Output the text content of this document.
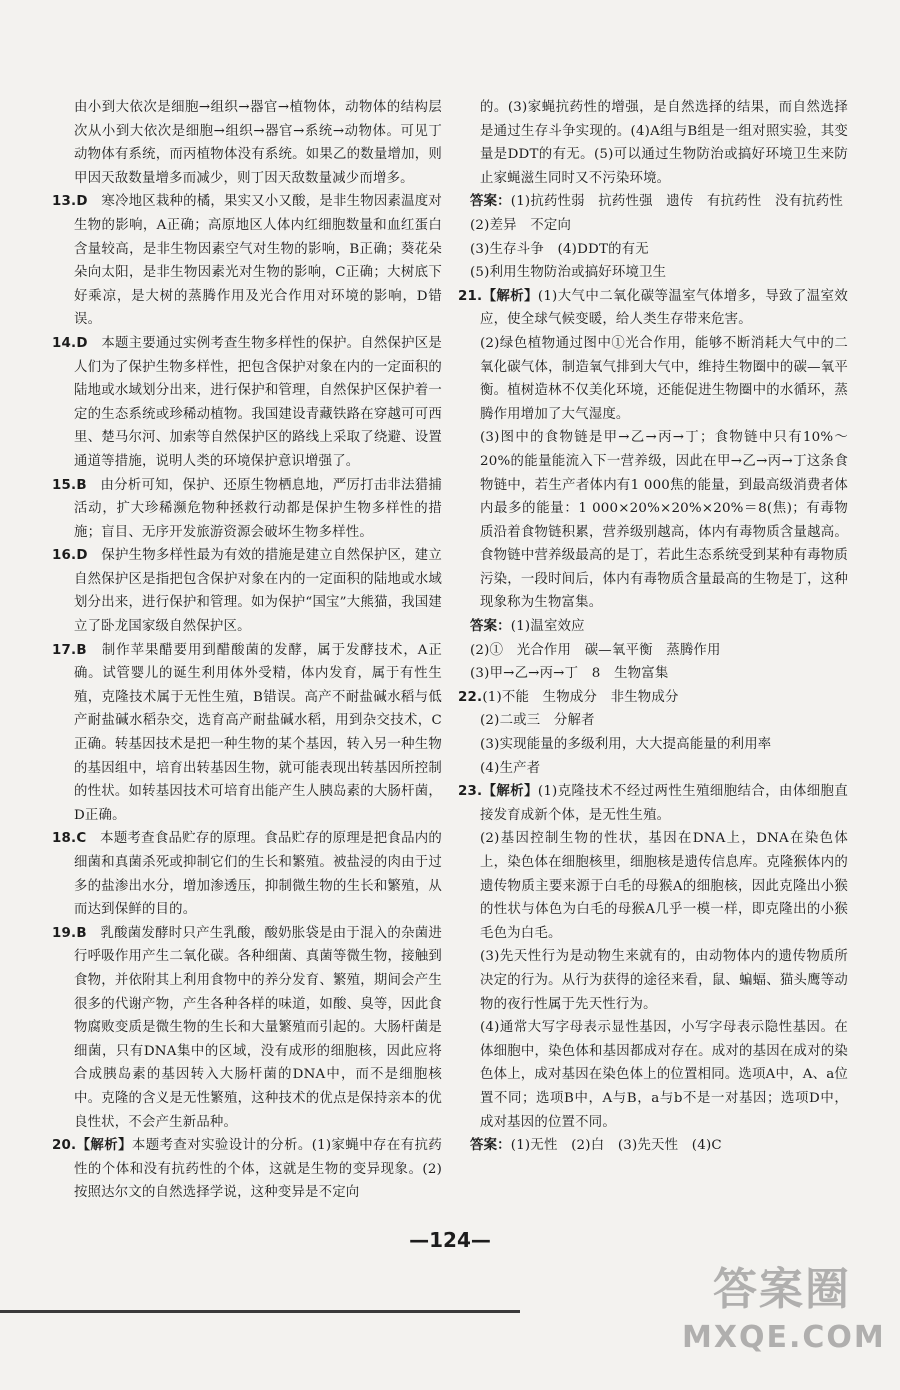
由小到大依次是细胞→组织→器官→植物体，动物体的结构层次从小到大依次是细胞→组织→器官→系统→动物体。可见丁动物体有系统，而丙植物体没有系统。如果乙的数量增加，则甲因天敌数量增多而减少，则丁因天敌数量减少而增多。

13.D　 寒冷地区栽种的橘，果实又小又酸，是非生物因素温度对生物的影响，A正确；高原地区人体内红细胞数量和血红蛋白含量较高，是非生物因素空气对生物的影响，B正确；葵花朵朵向太阳，是非生物因素光对生物的影响，C正确；大树底下好乘凉，是大树的蒸腾作用及光合作用对环境的影响，D错误。

14.D　 本题主要通过实例考查生物多样性的保护。自然保护区是人们为了保护生物多样性，把包含保护对象在内的一定面积的陆地或水域划分出来，进行保护和管理，自然保护区保护着一定的生态系统或珍稀动植物。我国建设青藏铁路在穿越可可西里、楚马尔河、加索等自然保护区的路线上采取了绕避、设置通道等措施，说明人类的环境保护意识增强了。

15.B　 由分析可知，保护、还原生物栖息地，严厉打击非法猎捕活动，扩大珍稀濒危物种拯救行动都是保护生物多样性的措施；盲目、无序开发旅游资源会破坏生物多样性。

16.D　 保护生物多样性最为有效的措施是建立自然保护区，建立自然保护区是指把包含保护对象在内的一定面积的陆地或水域划分出来，进行保护和管理。如为保护“国宝”大熊猫，我国建立了卧龙国家级自然保护区。

17.B　 制作苹果醋要用到醋酸菌的发酵，属于发酵技术，A正确。试管婴儿的诞生利用体外受精，体内发育，属于有性生殖，克隆技术属于无性生殖，B错误。高产不耐盐碱水稻与低产耐盐碱水稻杂交，选育高产耐盐碱水稻，用到杂交技术，C正确。转基因技术是把一种生物的某个基因，转入另一种生物的基因组中，培育出转基因生物，就可能表现出转基因所控制的性状。如转基因技术可培育出能产生人胰岛素的大肠杆菌，D正确。

18.C　 本题考查食品贮存的原理。食品贮存的原理是把食品内的细菌和真菌杀死或抑制它们的生长和繁殖。被盐浸的肉由于过多的盐渗出水分，增加渗透压，抑制微生物的生长和繁殖，从而达到保鲜的目的。

19.B　 乳酸菌发酵时只产生乳酸，酸奶胀袋是由于混入的杂菌进行呼吸作用产生二氧化碳。各种细菌、真菌等微生物，接触到食物，并依附其上利用食物中的养分发育、繁殖，期间会产生很多的代谢产物，产生各种各样的味道，如酸、臭等，因此食物腐败变质是微生物的生长和大量繁殖而引起的。大肠杆菌是细菌，只有DNA集中的区域，没有成形的细胞核，因此应将合成胰岛素的基因转入大肠杆菌的DNA中，而不是细胞核中。克隆的含义是无性繁殖，这种技术的优点是保持亲本的优良性状，不会产生新品种。

20.【解析】本题考查对实验设计的分析。(1)家蝇中存在有抗药性的个体和没有抗药性的个体，这就是生物的变异现象。(2)按照达尔文的自然选择学说，这种变异是不定向

的。(3)家蝇抗药性的增强，是自然选择的结果，而自然选择是通过生存斗争实现的。(4)A组与B组是一组对照实验，其变量是DDT的有无。(5)可以通过生物防治或搞好环境卫生来防止家蝇滋生同时又不污染环境。

答案：(1)抗药性弱　抗药性强　遗传　有抗药性　没有抗药性　(2)差异　不定向

(3)生存斗争　(4)DDT的有无

(5)利用生物防治或搞好环境卫生

21.【解析】(1)大气中二氧化碳等温室气体增多，导致了温室效应，使全球气候变暖，给人类生存带来危害。

(2)绿色植物通过图中①光合作用，能够不断消耗大气中的二氧化碳气体，制造氧气排到大气中，维持生物圈中的碳—氧平衡。植树造林不仅美化环境，还能促进生物圈中的水循环，蒸腾作用增加了大气湿度。

(3)图中的食物链是甲→乙→丙→丁；食物链中只有10%～20%的能量能流入下一营养级，因此在甲→乙→丙→丁这条食物链中，若生产者体内有1 000焦的能量，到最高级消费者体内最多的能量：1 000×20%×20%×20%＝8(焦)；有毒物质沿着食物链积累，营养级别越高，体内有毒物质含量越高。食物链中营养级最高的是丁，若此生态系统受到某种有毒物质污染，一段时间后，体内有毒物质含量最高的生物是丁，这种现象称为生物富集。

答案：(1)温室效应

(2)①　光合作用　碳—氧平衡　蒸腾作用

(3)甲→乙→丙→丁　8　生物富集

22.(1)不能　生物成分　非生物成分

(2)二或三　分解者

(3)实现能量的多级利用，大大提高能量的利用率

(4)生产者

23.【解析】(1)克隆技术不经过两性生殖细胞结合，由体细胞直接发育成新个体，是无性生殖。

(2)基因控制生物的性状，基因在DNA上，DNA在染色体上，染色体在细胞核里，细胞核是遗传信息库。克隆猴体内的遗传物质主要来源于白毛的母猴A的细胞核，因此克隆出小猴的性状与体色为白毛的母猴A几乎一模一样，即克隆出的小猴毛色为白毛。

(3)先天性行为是动物生来就有的，由动物体内的遗传物质所决定的行为。从行为获得的途径来看，鼠、蝙蝠、猫头鹰等动物的夜行性属于先天性行为。

(4)通常大写字母表示显性基因，小写字母表示隐性基因。在体细胞中，染色体和基因都成对存在。成对的基因在成对的染色体上，成对基因在染色体上的位置相同。选项A中，A、a位置不同；选项B中，A与B，a与b不是一对基因；选项D中，成对基因的位置不同。

答案：(1)无性　(2)白　(3)先天性　(4)C

—124—
答案圈
MXQE.COM
